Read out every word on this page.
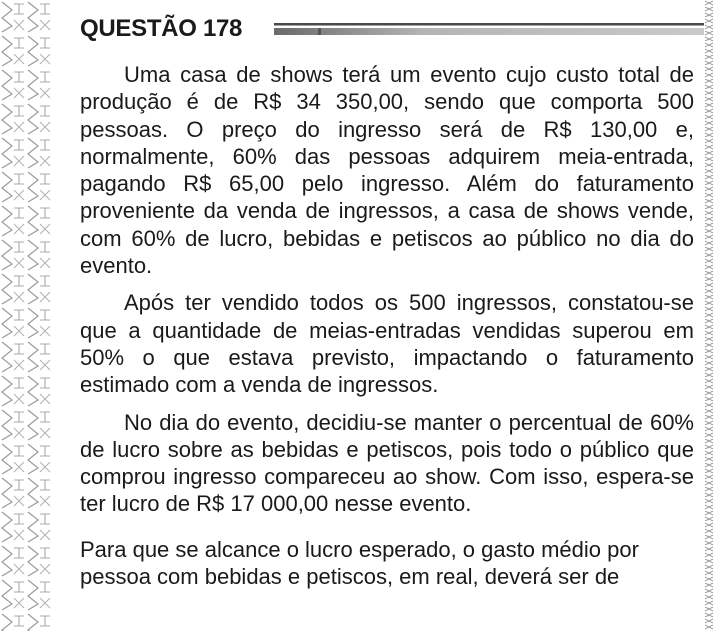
QUESTÃO 178

Uma casa de shows terá um evento cujo custo total de produção é de R$ 34 350,00, sendo que comporta 500 pessoas. O preço do ingresso será de R$ 130,00 e, normalmente, 60% das pessoas adquirem meia-entrada, pagando R$ 65,00 pelo ingresso. Além do faturamento proveniente da venda de ingressos, a casa de shows vende, com 60% de lucro, bebidas e petiscos ao público no dia do evento.

Após ter vendido todos os 500 ingressos, constatou-se que a quantidade de meias-entradas vendidas superou em 50% o que estava previsto, impactando o faturamento estimado com a venda de ingressos.

No dia do evento, decidiu-se manter o percentual de 60% de lucro sobre as bebidas e petiscos, pois todo o público que comprou ingresso compareceu ao show. Com isso, espera-se ter lucro de R$ 17 000,00 nesse evento.

Para que se alcance o lucro esperado, o gasto médio por pessoa com bebidas e petiscos, em real, deverá ser de
